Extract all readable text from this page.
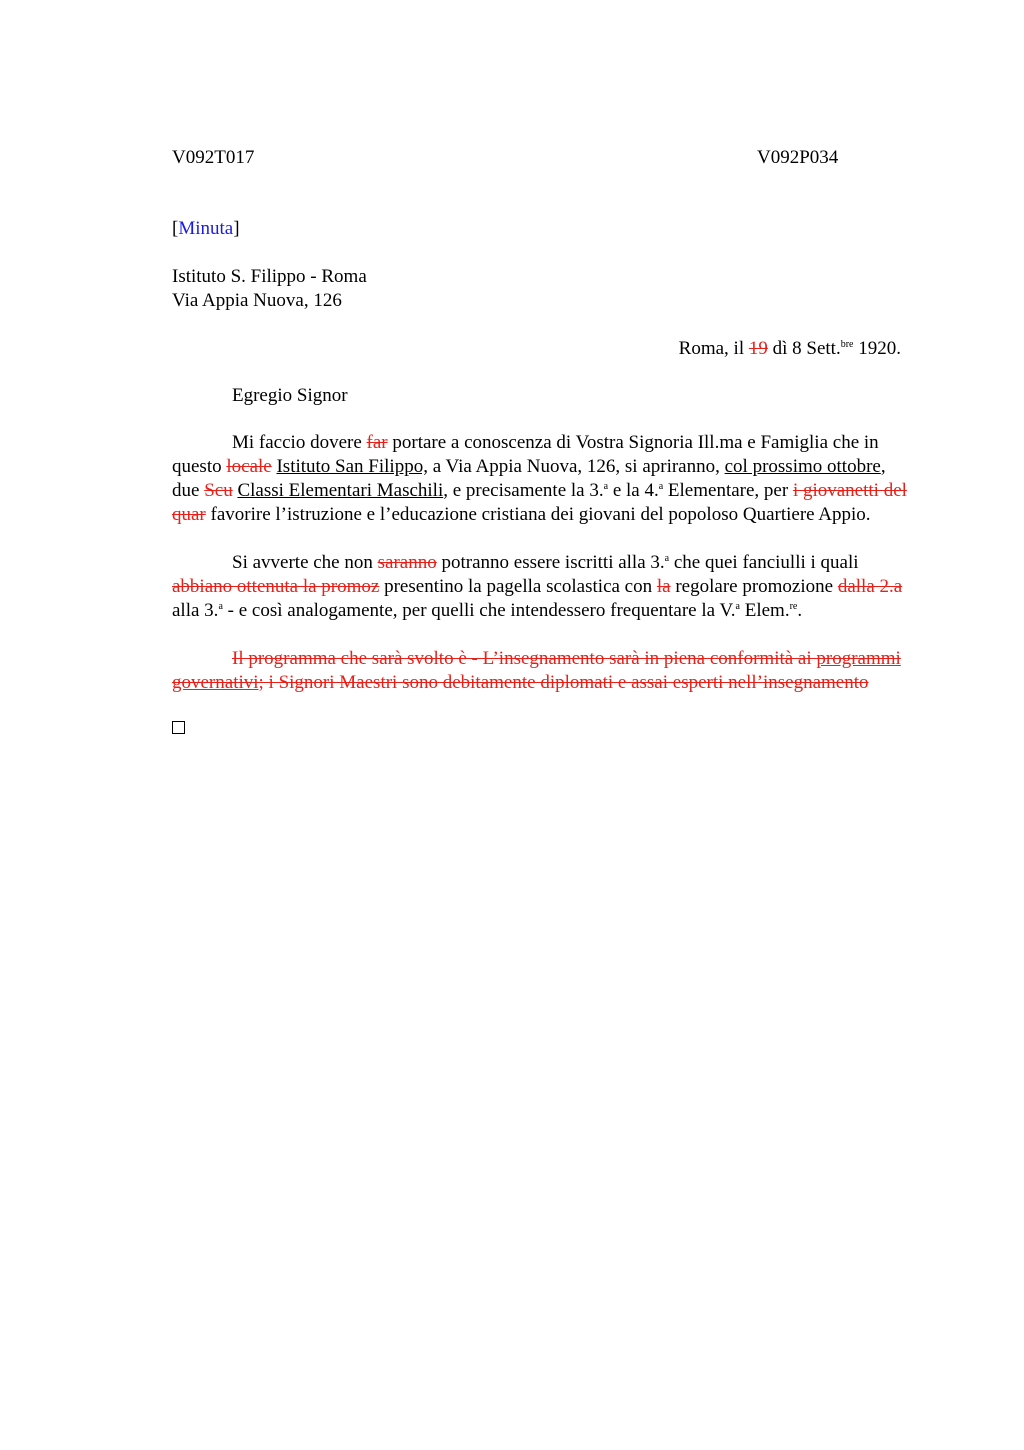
V092T017	V092P034
[Minuta]
Istituto S. Filippo - Roma
Via Appia Nuova, 126
Roma, il 19 dì 8 Sett.$^{bre}$ 1920.
Egregio Signor
Mi faccio dovere far portare a conoscenza di Vostra Signoria Ill.ma e Famiglia che in questo locale Istituto San Filippo, a Via Appia Nuova, 126, si apriranno, col prossimo ottobre, due Scu Classi Elementari Maschili, e precisamente la 3.$^a$ e la 4.$^a$ Elementare, per i giovanetti del quar favorire l’istruzione e l’educazione cristiana dei giovani del popoloso Quartiere Appio.
Si avverte che non saranno potranno essere iscritti alla 3.$^a$ che quei fanciulli i quali abbiano ottenuta la promoz presentino la pagella scolastica con la regolare promozione dalla 2.a alla 3.$^a$ - e così analogamente, per quelli che intendessero frequentare la V.$^a$ Elem.$^{re}$.
Il programma che sarà svolto è - L’insegnamento sarà in piena conformità ai programmi governativi; i Signori Maestri sono debitamente diplomati e assai esperti nell’insegnamento
